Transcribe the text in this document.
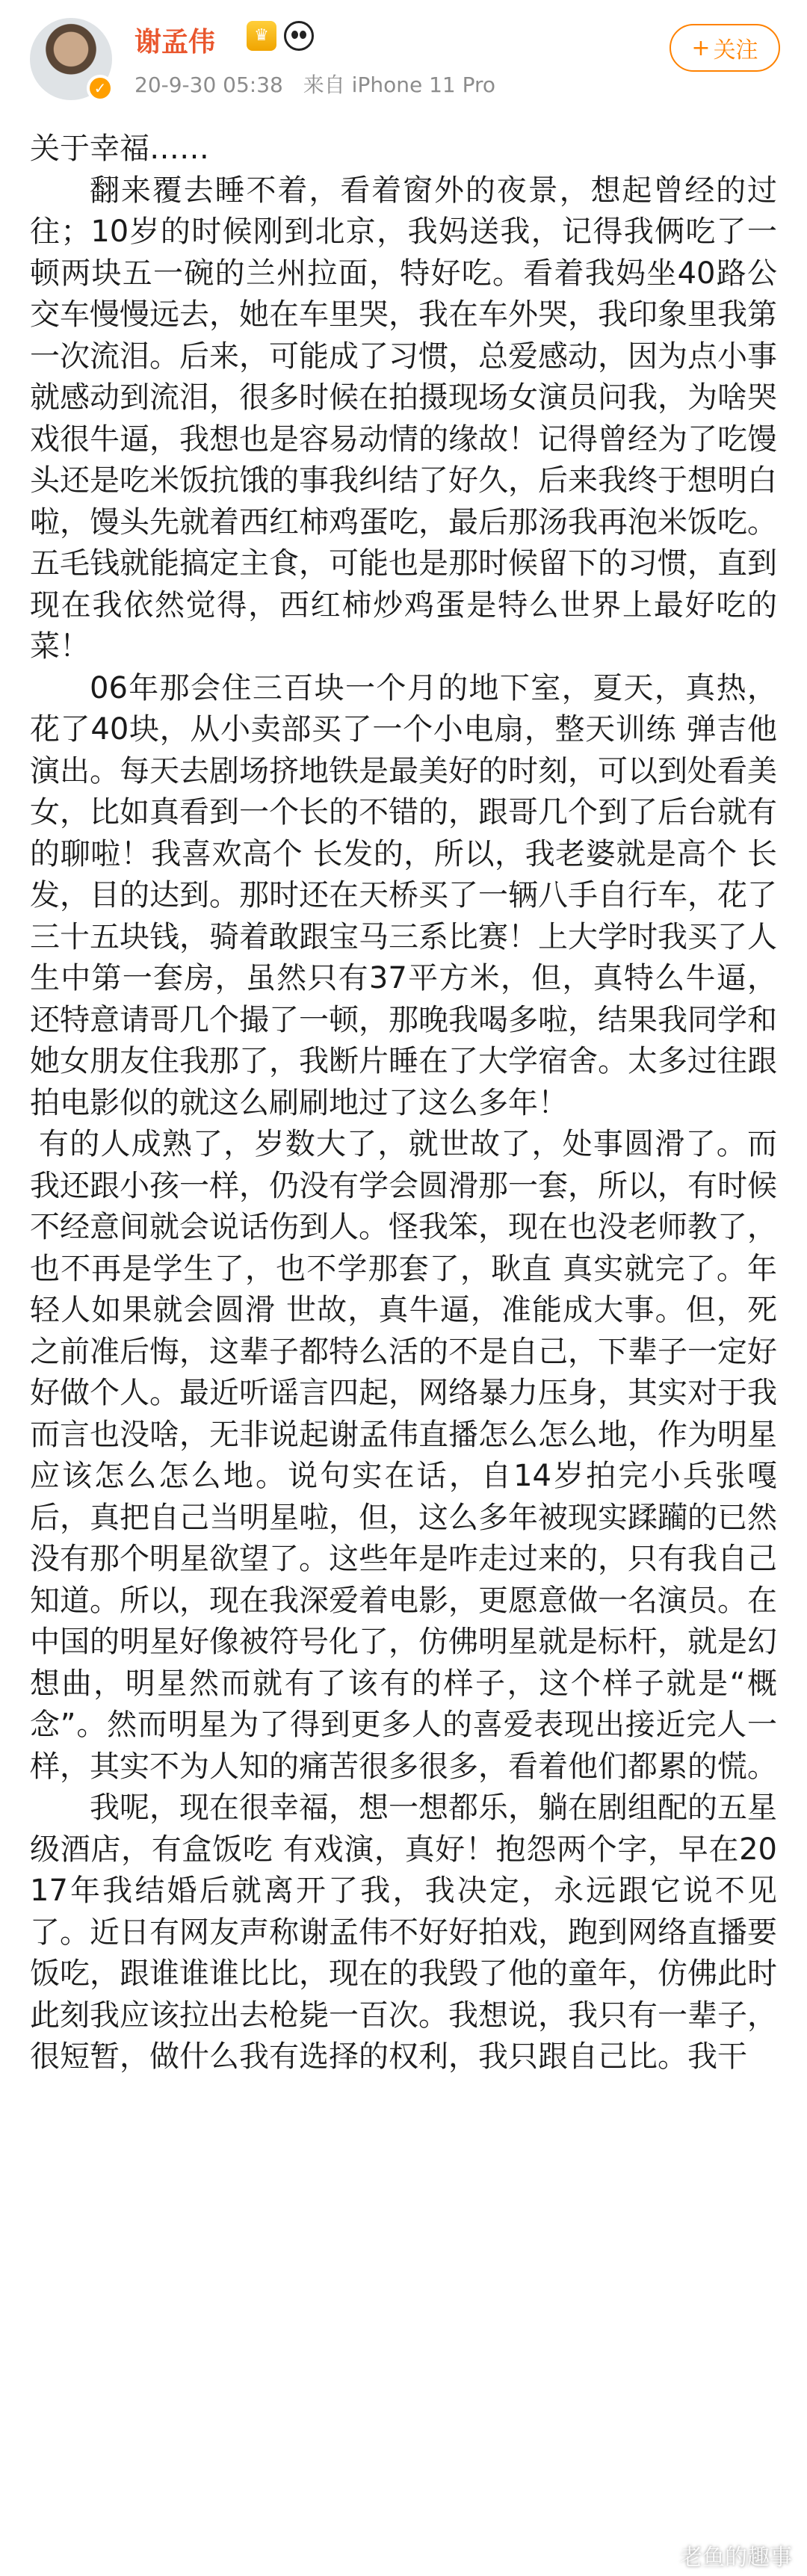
✓
谢孟伟	♛
20-9-30 05:38 来自 iPhone 11 Pro
+ 关注

关于幸福……

翻来覆去睡不着，看着窗外的夜景，想起曾经的过往；10岁的时候刚到北京，我妈送我，记得我俩吃了一顿两块五一碗的兰州拉面，特好吃。看着我妈坐40路公交车慢慢远去，她在车里哭，我在车外哭，我印象里我第一次流泪。后来，可能成了习惯，总爱感动，因为点小事就感动到流泪，很多时候在拍摄现场女演员问我，为啥哭戏很牛逼，我想也是容易动情的缘故！记得曾经为了吃馒头还是吃米饭抗饿的事我纠结了好久，后来我终于想明白啦，馒头先就着西红柿鸡蛋吃，最后那汤我再泡米饭吃。五毛钱就能搞定主食，可能也是那时候留下的习惯，直到现在我依然觉得，西红柿炒鸡蛋是特么世界上最好吃的菜！

06年那会住三百块一个月的地下室，夏天，真热，花了40块，从小卖部买了一个小电扇，整天训练 弹吉他 演出。每天去剧场挤地铁是最美好的时刻，可以到处看美女，比如真看到一个长的不错的，跟哥几个到了后台就有的聊啦！我喜欢高个 长发的，所以，我老婆就是高个 长发，目的达到。那时还在天桥买了一辆八手自行车，花了三十五块钱，骑着敢跟宝马三系比赛！上大学时我买了人生中第一套房，虽然只有37平方米，但，真特么牛逼，还特意请哥几个撮了一顿，那晚我喝多啦，结果我同学和她女朋友住我那了，我断片睡在了大学宿舍。太多过往跟拍电影似的就这么刷刷地过了这么多年！

有的人成熟了，岁数大了，就世故了，处事圆滑了。而我还跟小孩一样，仍没有学会圆滑那一套，所以，有时候不经意间就会说话伤到人。怪我笨，现在也没老师教了，也不再是学生了，也不学那套了，耿直 真实就完了。年轻人如果就会圆滑 世故，真牛逼，准能成大事。但，死之前准后悔，这辈子都特么活的不是自己，下辈子一定好好做个人。最近听谣言四起，网络暴力压身，其实对于我而言也没啥，无非说起谢孟伟直播怎么怎么地，作为明星应该怎么怎么地。说句实在话，自14岁拍完小兵张嘎后，真把自己当明星啦，但，这么多年被现实蹂躏的已然没有那个明星欲望了。这些年是咋走过来的，只有我自己知道。所以，现在我深爱着电影，更愿意做一名演员。在中国的明星好像被符号化了，仿佛明星就是标杆，就是幻想曲，明星然而就有了该有的样子，这个样子就是“概念”。然而明星为了得到更多人的喜爱表现出接近完人一样，其实不为人知的痛苦很多很多，看着他们都累的慌。

我呢，现在很幸福，想一想都乐，躺在剧组配的五星级酒店，有盒饭吃 有戏演，真好！抱怨两个字，早在2017年我结婚后就离开了我，我决定，永远跟它说不见了。近日有网友声称谢孟伟不好好拍戏，跑到网络直播要饭吃，跟谁谁谁比比，现在的我毁了他的童年，仿佛此时此刻我应该拉出去枪毙一百次。我想说，我只有一辈子，很短暂，做什么我有选择的权利，我只跟自己比。我干

老鱼的趣事
